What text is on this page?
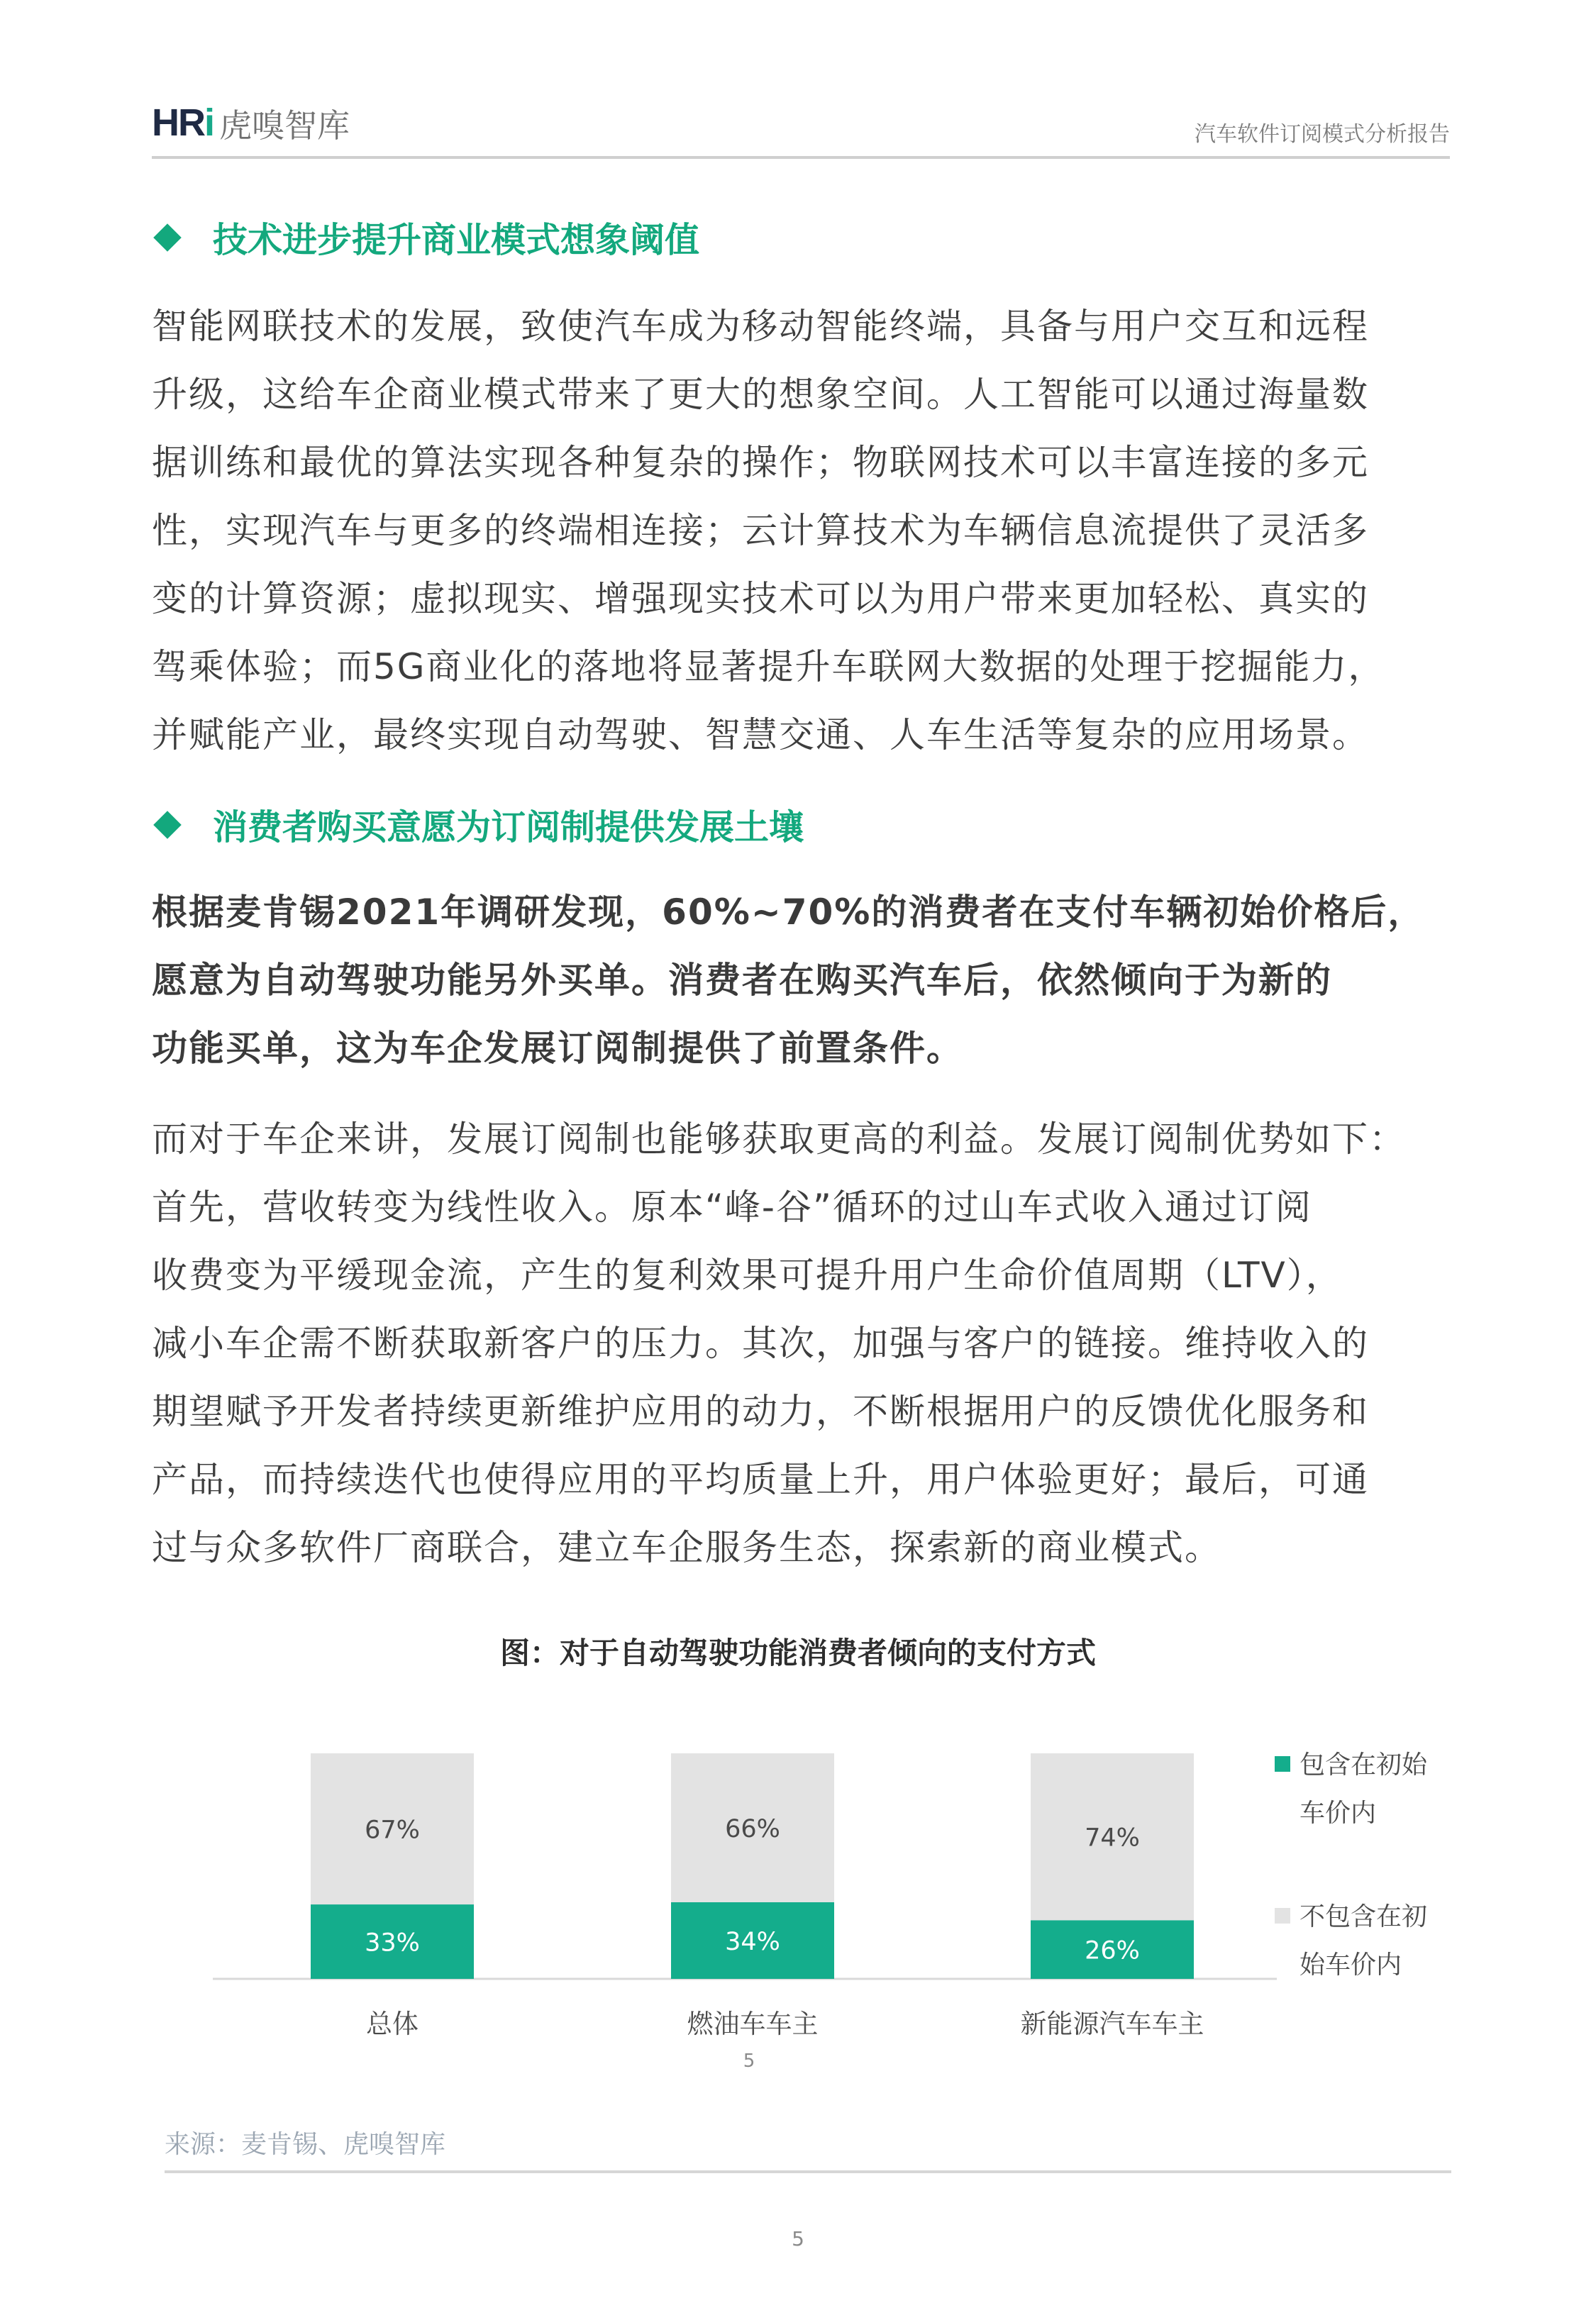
HRi 虎嗅智库	汽车软件订阅模式分析报告
技术进步提升商业模式想象阈值
智能网联技术的发展，致使汽车成为移动智能终端，具备与用户交互和远程
升级，这给车企商业模式带来了更大的想象空间。人工智能可以通过海量数
据训练和最优的算法实现各种复杂的操作；物联网技术可以丰富连接的多元
性，实现汽车与更多的终端相连接；云计算技术为车辆信息流提供了灵活多
变的计算资源；虚拟现实、增强现实技术可以为用户带来更加轻松、真实的
驾乘体验；而5G商业化的落地将显著提升车联网大数据的处理于挖掘能力，
并赋能产业，最终实现自动驾驶、智慧交通、人车生活等复杂的应用场景。
消费者购买意愿为订阅制提供发展土壤
根据麦肯锡2021年调研发现，60%~70%的消费者在支付车辆初始价格后，
愿意为自动驾驶功能另外买单。消费者在购买汽车后，依然倾向于为新的
功能买单，这为车企发展订阅制提供了前置条件。
而对于车企来讲，发展订阅制也能够获取更高的利益。发展订阅制优势如下：
首先，营收转变为线性收入。原本“峰-谷”循环的过山车式收入通过订阅
收费变为平缓现金流，产生的复利效果可提升用户生命价值周期（LTV），
减小车企需不断获取新客户的压力。其次，加强与客户的链接。维持收入的
期望赋予开发者持续更新维护应用的动力，不断根据用户的反馈优化服务和
产品，而持续迭代也使得应用的平均质量上升，用户体验更好；最后，可通
过与众多软件厂商联合，建立车企服务生态，探索新的商业模式。
图：对于自动驾驶功能消费者倾向的支付方式
33%
67%
总体
34%
66%
燃油车车主
26%
74%
新能源汽车车主
5
包含在初始
车价内
不包含在初
始车价内
来源：麦肯锡、虎嗅智库
5
